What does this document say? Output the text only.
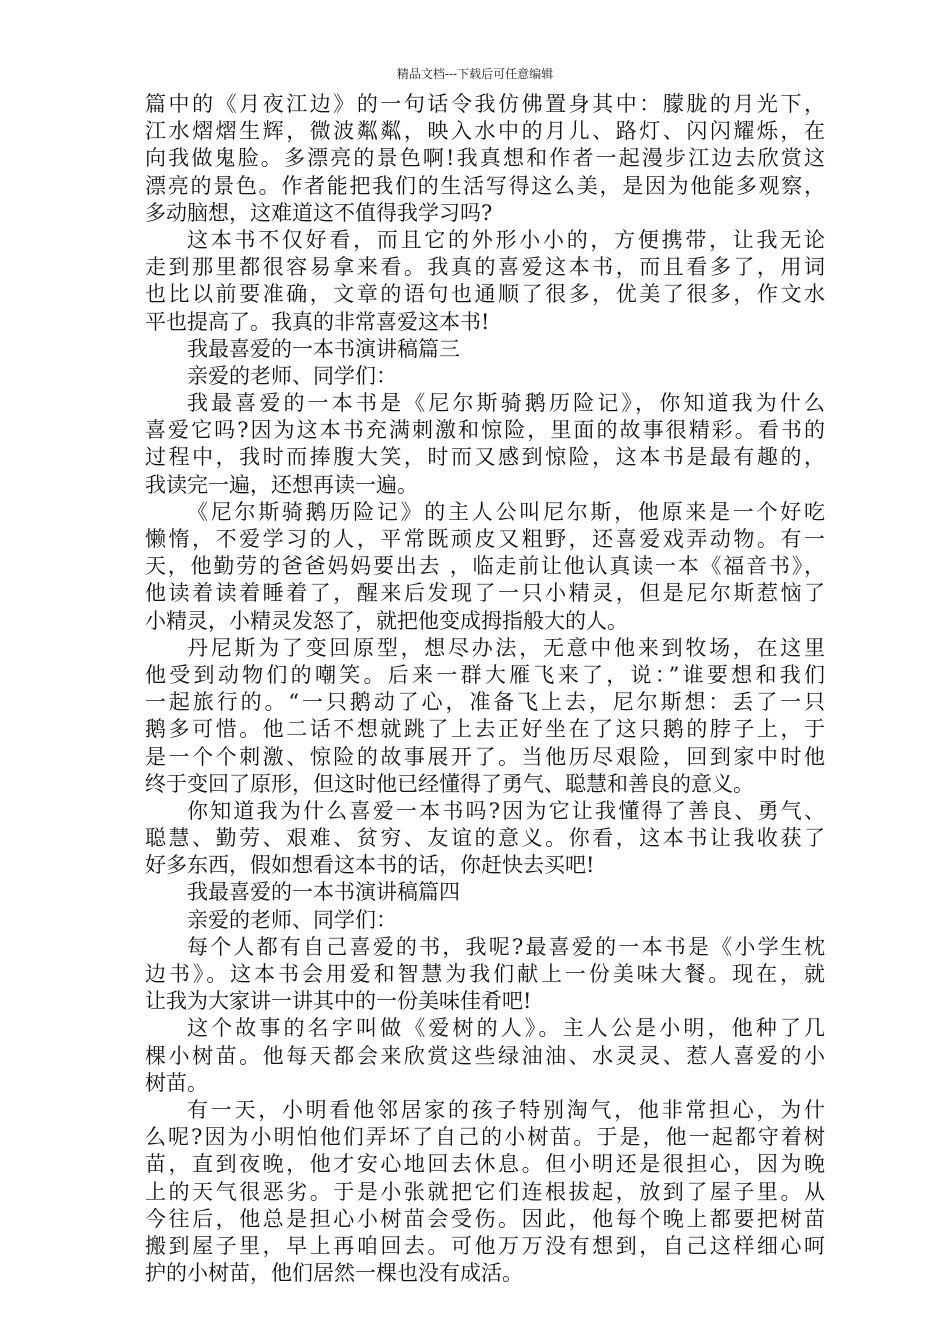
精品文档---下载后可任意编辑
篇中的《月夜江边》的一句话令我仿佛置身其中：朦胧的月光下，
江水熠熠生辉，微波粼粼，映入水中的月儿、路灯、闪闪耀烁，在
向我做鬼脸。多漂亮的景色啊!我真想和作者一起漫步江边去欣赏这
漂亮的景色。作者能把我们的生活写得这么美，是因为他能多观察，
多动脑想，这难道这不值得我学习吗?
这本书不仅好看，而且它的外形小小的，方便携带，让我无论
走到那里都很容易拿来看。我真的喜爱这本书，而且看多了，用词
也比以前要准确，文章的语句也通顺了很多，优美了很多，作文水
平也提高了。我真的非常喜爱这本书!
我最喜爱的一本书演讲稿篇三
亲爱的老师、同学们：
我最喜爱的一本书是《尼尔斯骑鹅历险记》，你知道我为什么
喜爱它吗?因为这本书充满刺激和惊险，里面的故事很精彩。看书的
过程中，我时而捧腹大笑，时而又感到惊险，这本书是最有趣的，
我读完一遍，还想再读一遍。
《尼尔斯骑鹅历险记》的主人公叫尼尔斯，他原来是一个好吃
懒惰，不爱学习的人，平常既顽皮又粗野，还喜爱戏弄动物。有一
天，他勤劳的爸爸妈妈要出去 ，临走前让他认真读一本《福音书》，
他读着读着睡着了，醒来后发现了一只小精灵，但是尼尔斯惹恼了
小精灵，小精灵发怒了，就把他变成拇指般大的人。
丹尼斯为了变回原型，想尽办法，无意中他来到牧场，在这里
他受到动物们的嘲笑。后来一群大雁飞来了，说：”谁要想和我们
一起旅行的。“一只鹅动了心，准备飞上去，尼尔斯想：丢了一只
鹅多可惜。他二话不想就跳了上去正好坐在了这只鹅的脖子上，于
是一个个刺激、惊险的故事展开了。当他历尽艰险，回到家中时他
终于变回了原形，但这时他已经懂得了勇气、聪慧和善良的意义。
你知道我为什么喜爱一本书吗?因为它让我懂得了善良、勇气、
聪慧、勤劳、艰难、贫穷、友谊的意义。你看，这本书让我收获了
好多东西，假如想看这本书的话，你赶快去买吧!
我最喜爱的一本书演讲稿篇四
亲爱的老师、同学们：
每个人都有自己喜爱的书，我呢?最喜爱的一本书是《小学生枕
边书》。这本书会用爱和智慧为我们献上一份美味大餐。现在，就
让我为大家讲一讲其中的一份美味佳肴吧!
这个故事的名字叫做《爱树的人》。主人公是小明，他种了几
棵小树苗。他每天都会来欣赏这些绿油油、水灵灵、惹人喜爱的小
树苗。
有一天，小明看他邻居家的孩子特别淘气，他非常担心，为什
么呢?因为小明怕他们弄坏了自己的小树苗。于是，他一起都守着树
苗，直到夜晚，他才安心地回去休息。但小明还是很担心，因为晚
上的天气很恶劣。于是小张就把它们连根拔起，放到了屋子里。从
今往后，他总是担心小树苗会受伤。因此，他每个晚上都要把树苗
搬到屋子里，早上再咱回去。可他万万没有想到，自己这样细心呵
护的小树苗，他们居然一棵也没有成活。
